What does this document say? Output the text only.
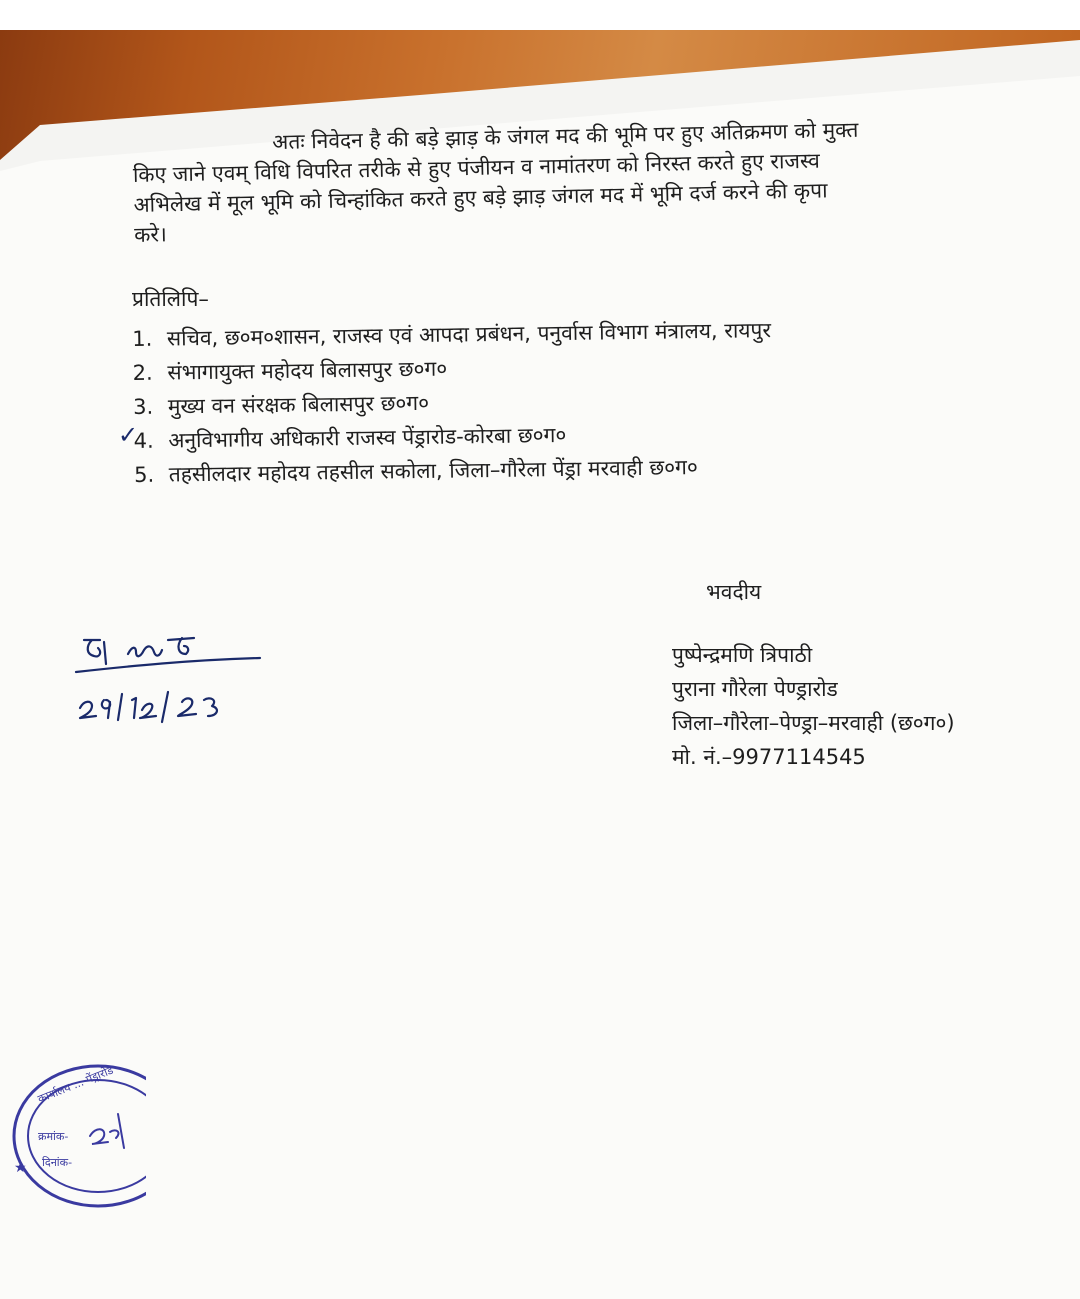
अतः निवेदन है की बड़े झाड़ के जंगल मद की भूमि पर हुए अतिक्रमण को मुक्त
किए जाने एवम् विधि विपरित तरीके से हुए पंजीयन व नामांतरण को निरस्त करते हुए राजस्व
अभिलेख में मूल भूमि को चिन्हांकित करते हुए बड़े झाड़ जंगल मद में भूमि दर्ज करने की कृपा
करे।
प्रतिलिपि–
1. सचिव, छ०म०शासन, राजस्व एवं आपदा प्रबंधन, पनुर्वास विभाग मंत्रालय, रायपुर
2. संभागायुक्त महोदय बिलासपुर छ०ग०
3. मुख्य वन संरक्षक बिलासपुर छ०ग०
4. अनुविभागीय अधिकारी राजस्व पेंड्रारोड-कोरबा छ०ग०
5. तहसीलदार महोदय तहसील सकोला, जिला–गौरेला पेंड्रा मरवाही छ०ग०
✓
भवदीय
पुष्पेन्द्रमणि त्रिपाठी
पुराना गौरेला पेण्ड्रारोड
जिला–गौरेला–पेण्ड्रा–मरवाही (छ०ग०)
मो. नं.–9977114545
कार्यालय ... पेंड्रारोड
क्रमांक-
दिनांक-
★
